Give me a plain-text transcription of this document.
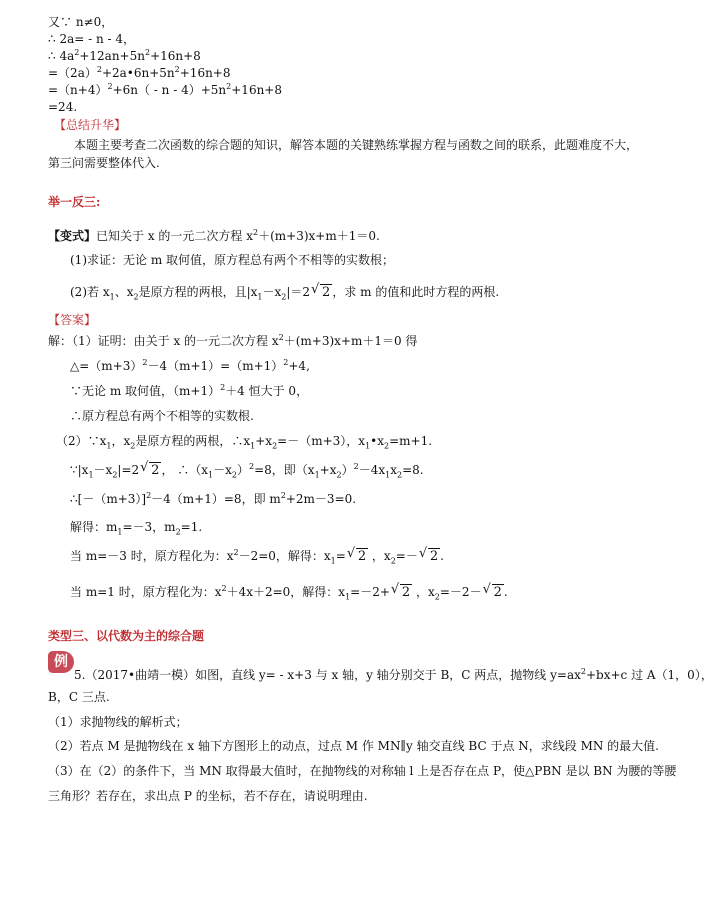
又∵ n≠0，
∴ 2a= - n - 4，
∴ $4a^2+12an+5n^2+16n+8$
$=(2a)^2+2a•6n+5n^2+16n+8$
$=(n+4)^2+6n( - n - 4)+5n^2+16n+8$
=24.
【总结升华】
本题主要考查二次函数的综合题的知识，解答本题的关键熟练掌握方程与函数之间的联系，此题难度不大，
第三问需要整体代入.
举一反三:
【变式】已知关于 x 的一元二次方程 $x^2+(m+3)x+m+1=0$.
(1)求证：无论 m 取何值，原方程总有两个不相等的实数根；
(2)若 $x_1$、$x_2$是原方程的两根，且$|x_1-x_2|=2$ √ 2 ，求 m 的值和此时方程的两根.
【答案】
解：（1）证明：由关于 x 的一元二次方程 $x^2+(m+3)x+m+1=0$ 得
$\triangle=(m+3)^2-4(m+1)=(m+1)^2+4$,
∵无论 m 取何值，$(m+1)^2+4$ 恒大于 0，
∴原方程总有两个不相等的实数根.
$(2)\because x_1$，$x_2$是原方程的两根，$\therefore x_1+x_2=-(m+3)$，$x_1•x_2=m+1$.
$\because|x_1-x_2|=2$ √ 2 ， $\therefore(x_1-x_2)^2=8$，即$(x_1+x_2)^2-4x_1x_2=8$.
$\therefore[-(m+3)]^2-4(m+1)=8$，即 $m^2+2m-3=0$.
解得：$m_1=-3$，$m_2=1$.
当 m=－3 时，原方程化为：$x^2-2=0$，解得：$x_1=$ √ 2 ，$x_2=-$ √ 2 .
当 m=1 时，原方程化为：$x^2+4x+2=0$，解得：$x_1=-2+$ √ 2 ，$x_2=-2-$ √ 2 .
类型三、以代数为主的综合题
例
5.（2017•曲靖一模）如图，直线 y= - x+3 与 x 轴，y 轴分别交于 B，C 两点，抛物线 $y=ax^2+bx+c$ 过 A（1，0），
B，C 三点.
（1）求抛物线的解析式；
（2）若点 M 是抛物线在 x 轴下方图形上的动点，过点 M 作 MN∥y 轴交直线 BC 于点 N，求线段 MN 的最大值.
（3）在（2）的条件下，当 MN 取得最大值时，在抛物线的对称轴 l 上是否存在点 P，使△PBN 是以 BN 为腰的等腰
三角形？若存在，求出点 P 的坐标，若不存在，请说明理由.
